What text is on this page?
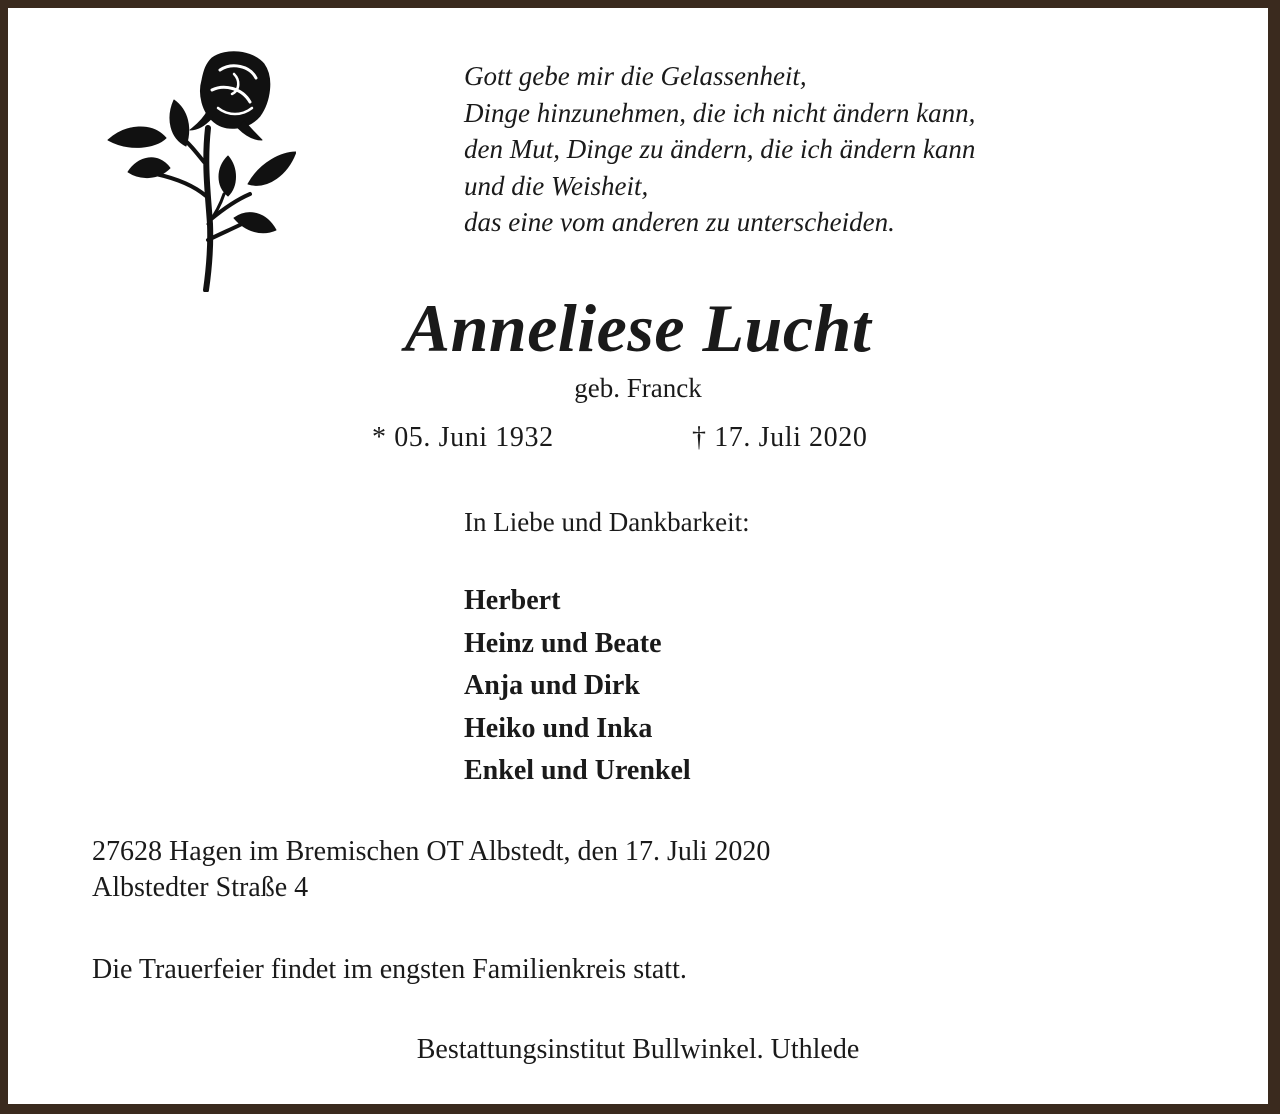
Gott gebe mir die Gelassenheit,
Dinge hinzunehmen, die ich nicht ändern kann,
den Mut, Dinge zu ändern, die ich ändern kann
und die Weisheit,
das eine vom anderen zu unterscheiden.
Anneliese Lucht
geb. Franck
* 05. Juni 1932	† 17. Juli 2020
In Liebe und Dankbarkeit:
Herbert
Heinz und Beate
Anja und Dirk
Heiko und Inka
Enkel und Urenkel
27628 Hagen im Bremischen OT Albstedt, den 17. Juli 2020
Albstedter Straße 4
Die Trauerfeier findet im engsten Familienkreis statt.
Bestattungsinstitut Bullwinkel. Uthlede
